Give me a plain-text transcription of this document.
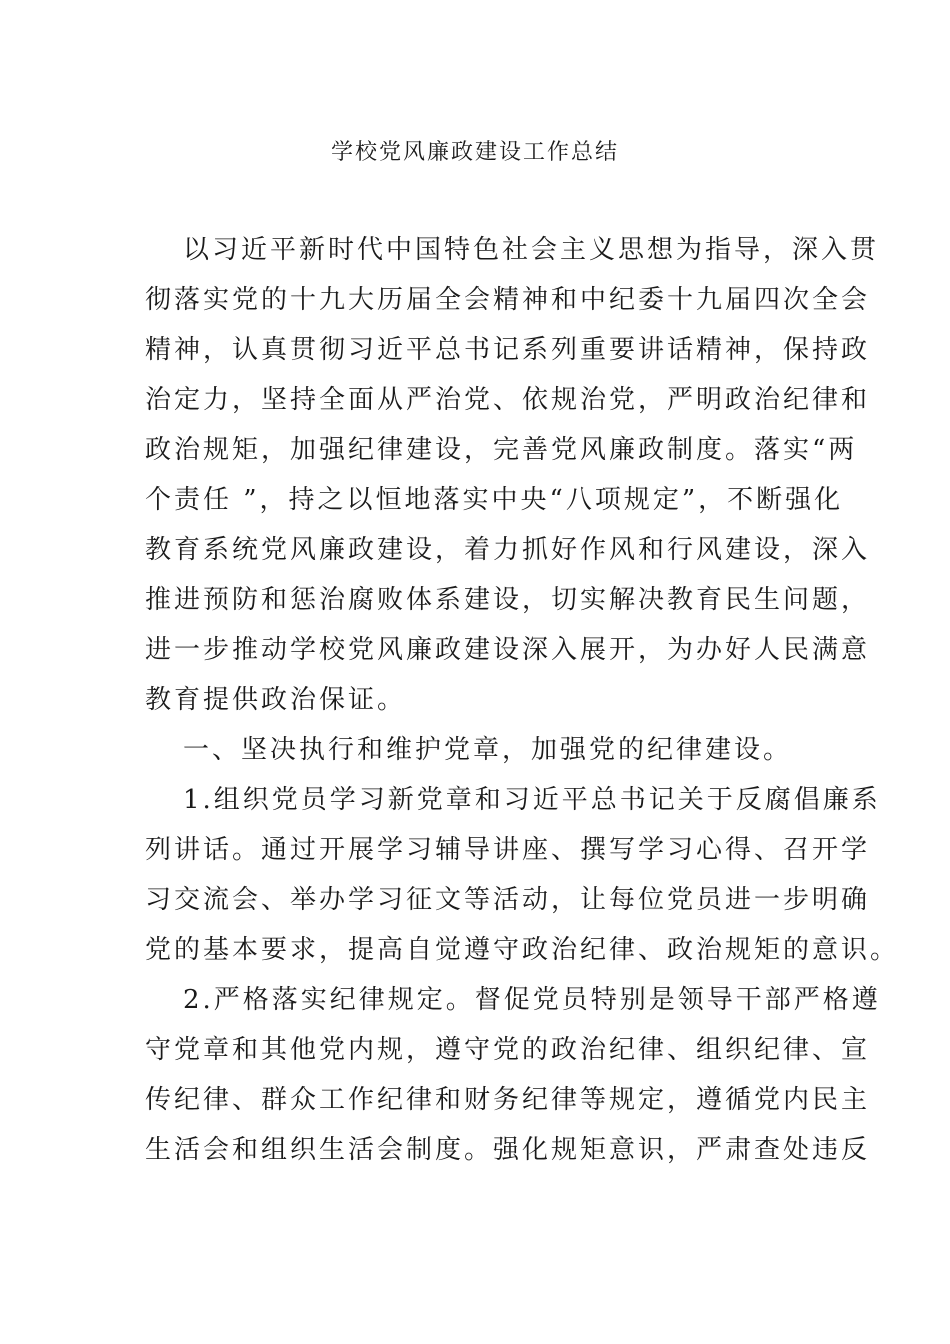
学校党风廉政建设工作总结
以习近平新时代中国特色社会主义思想为指导，深入贯
彻落实党的十九大历届全会精神和中纪委十九届四次全会
精神，认真贯彻习近平总书记系列重要讲话精神，保持政
治定力，坚持全面从严治党、依规治党，严明政治纪律和
政治规矩，加强纪律建设，完善党风廉政制度。落实“两
个责任 ”，持之以恒地落实中央“八项规定”，不断强化
教育系统党风廉政建设，着力抓好作风和行风建设，深入
推进预防和惩治腐败体系建设，切实解决教育民生问题，
进一步推动学校党风廉政建设深入展开，为办好人民满意
教育提供政治保证。
一、坚决执行和维护党章，加强党的纪律建设。
1.组织党员学习新党章和习近平总书记关于反腐倡廉系
列讲话。通过开展学习辅导讲座、撰写学习心得、召开学
习交流会、举办学习征文等活动，让每位党员进一步明确
党的基本要求，提高自觉遵守政治纪律、政治规矩的意识。
2.严格落实纪律规定。督促党员特别是领导干部严格遵
守党章和其他党内规，遵守党的政治纪律、组织纪律、宣
传纪律、群众工作纪律和财务纪律等规定，遵循党内民主
生活会和组织生活会制度。强化规矩意识，严肃查处违反
